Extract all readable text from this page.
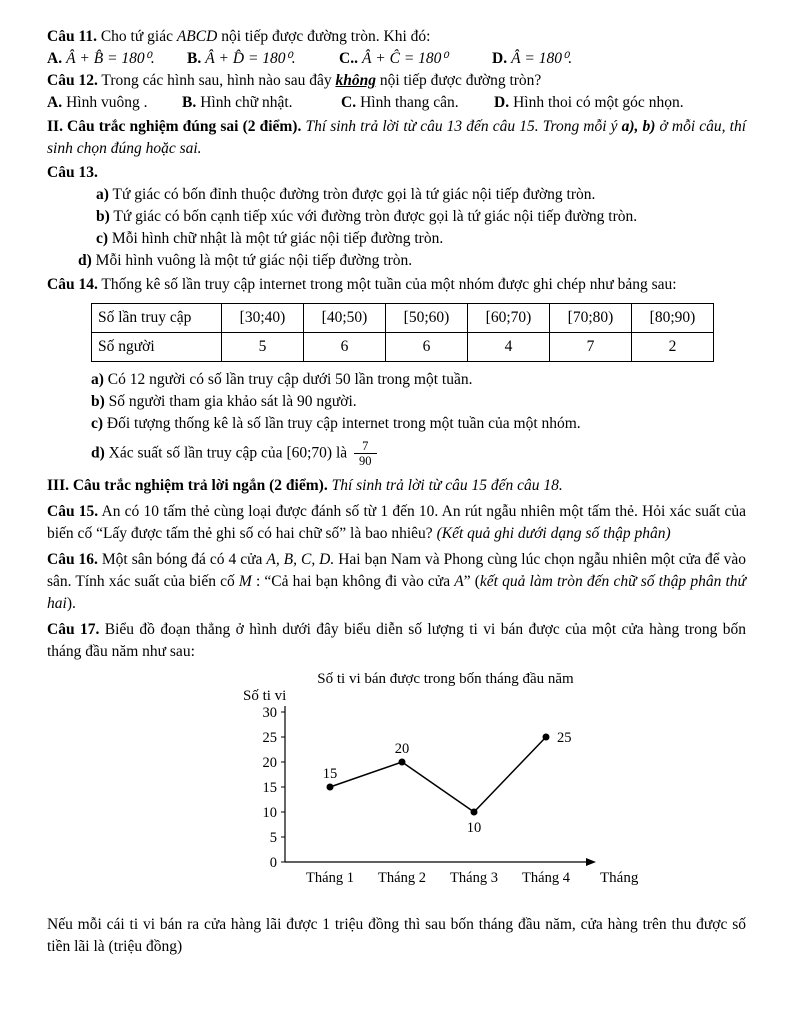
Câu 11. Cho tứ giác ABCD nội tiếp được đường tròn. Khi đó:

A. Â + B̂ = 180⁰.	B. Â + D̂ = 180⁰.	C.. Â + Ĉ = 180⁰	D. Â = 180⁰.

Câu 12. Trong các hình sau, hình nào sau đây không nội tiếp được đường tròn?

A. Hình vuông .	B. Hình chữ nhật.	C. Hình thang cân.	D. Hình thoi có một góc nhọn.

II. Câu trắc nghiệm đúng sai (2 điểm). Thí sinh trả lời từ câu 13 đến câu 15. Trong mỗi ý a), b) ở mỗi câu, thí sinh chọn đúng hoặc sai.

Câu 13.

a) Tứ giác có bốn đỉnh thuộc đường tròn được gọi là tứ giác nội tiếp đường tròn.

b) Tứ giác có bốn cạnh tiếp xúc với đường tròn được gọi là tứ giác nội tiếp đường tròn.

c) Mỗi hình chữ nhật là một tứ giác nội tiếp đường tròn.

d) Mỗi hình vuông là một tứ giác nội tiếp đường tròn.

Câu 14. Thống kê số lần truy cập internet trong một tuần của một nhóm được ghi chép như bảng sau:

Số lần truy cập	[30;40)	[40;50)	[50;60)	[60;70)	[70;80)	[80;90)
Số người	5	6	6	4	7	2

a) Có 12 người có số lần truy cập dưới 50 lần trong một tuần.

b) Số người tham gia khảo sát là 90 người.

c) Đối tượng thống kê là số lần truy cập internet trong một tuần của một nhóm.

d) Xác suất số lần truy cập của [60;70) là $\frac{7}{90}$

III. Câu trắc nghiệm trả lời ngắn (2 điểm). Thí sinh trả lời từ câu 15 đến câu 18.

Câu 15. An có 10 tấm thẻ cùng loại được đánh số từ 1 đến 10. An rút ngẫu nhiên một tấm thẻ. Hỏi xác suất của biến cố “Lấy được tấm thẻ ghi số có hai chữ số” là bao nhiêu? (Kết quả ghi dưới dạng số thập phân)

Câu 16. Một sân bóng đá có 4 cửa A, B, C, D. Hai bạn Nam và Phong cùng lúc chọn ngẫu nhiên một cửa để vào sân. Tính xác suất của biến cố M : “Cả hai bạn không đi vào cửa A” (kết quả làm tròn đến chữ số thập phân thứ hai).

Câu 17. Biểu đồ đoạn thẳng ở hình dưới đây biểu diễn số lượng ti vi bán được của một cửa hàng trong bốn tháng đầu năm như sau:

Số ti vi bán được trong bốn tháng đầu năm
Số ti vi
0
5
10
15
20
25
30
15
Tháng 1
20
Tháng 2
10
Tháng 3
25
Tháng 4 Tháng

Nếu mỗi cái ti vi bán ra cửa hàng lãi được 1 triệu đồng thì sau bốn tháng đầu năm, cửa hàng trên thu được số tiền lãi là (triệu đồng)
